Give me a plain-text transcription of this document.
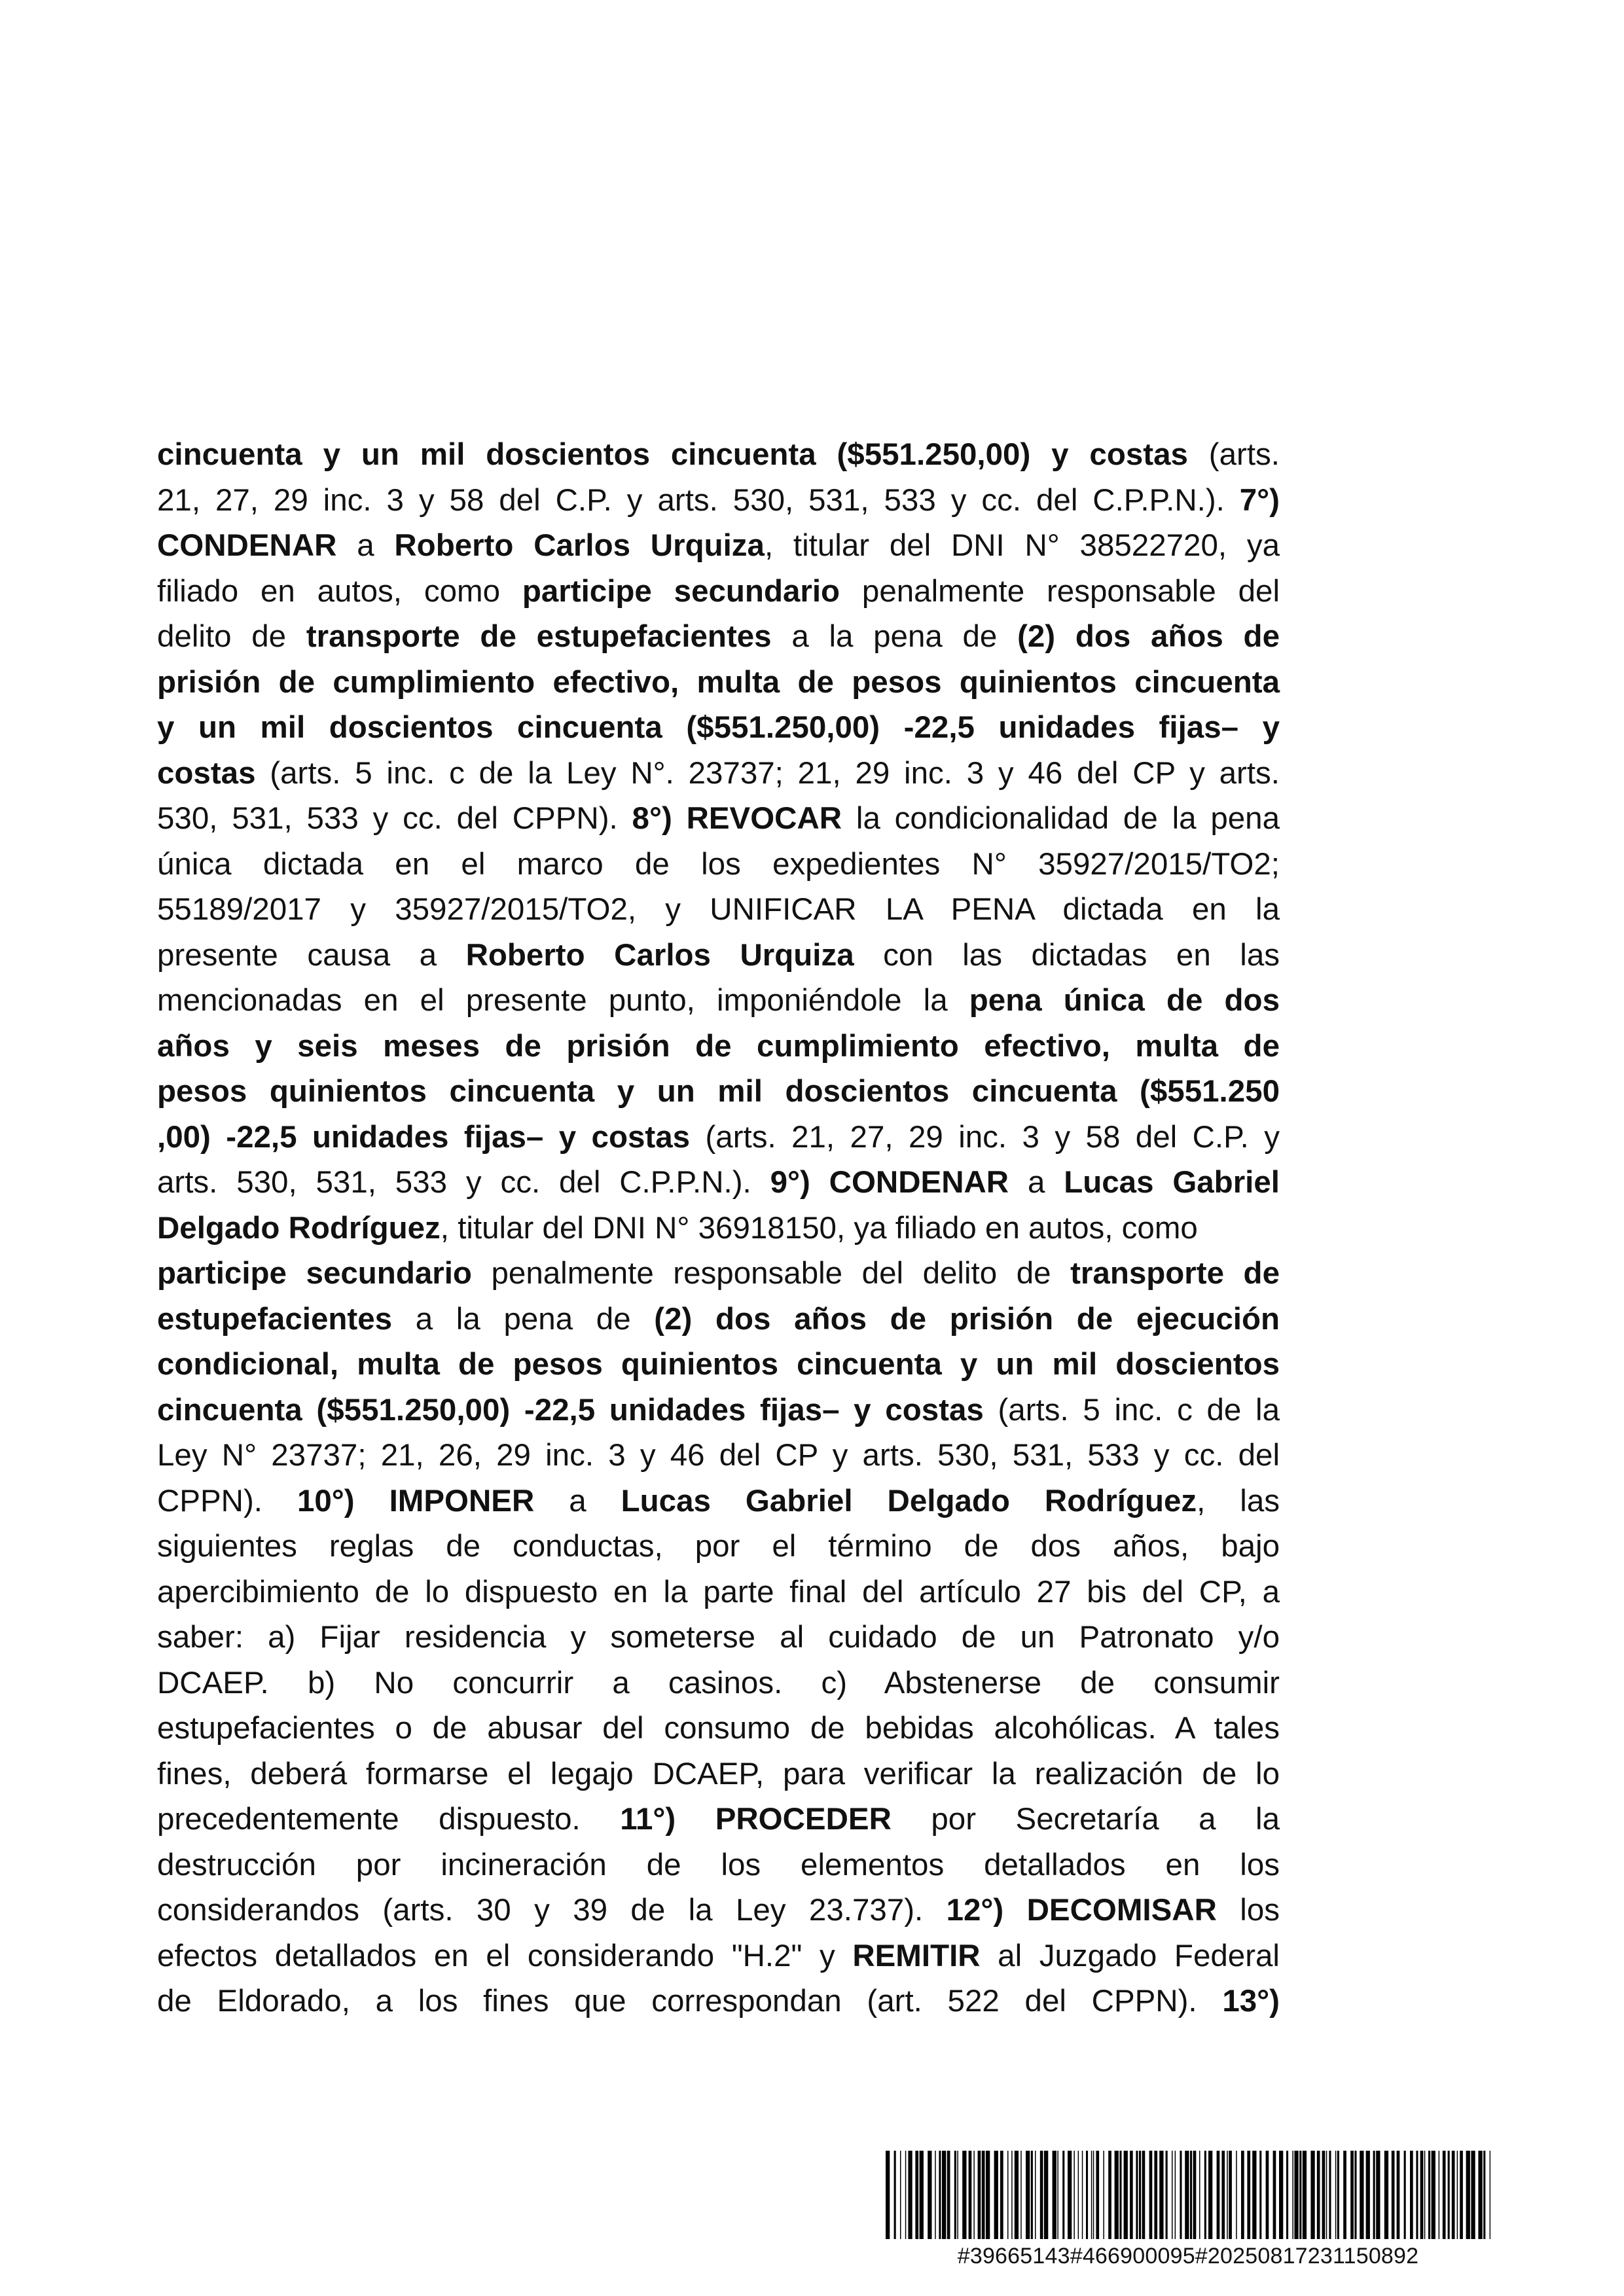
cincuenta y un mil doscientos cincuenta ($551.250,00) y costas (arts.
21, 27, 29 inc. 3 y 58 del C.P. y arts. 530, 531, 533 y cc. del C.P.P.N.). 7°)
CONDENAR a Roberto Carlos Urquiza, titular del DNI N° 38522720, ya
filiado en autos, como participe secundario penalmente responsable del
delito de transporte de estupefacientes a la pena de (2) dos años de
prisión de cumplimiento efectivo, multa de pesos quinientos cincuenta
y un mil doscientos cincuenta ($551.250,00) -22,5 unidades fijas– y
costas (arts. 5 inc. c de la Ley N°. 23737; 21, 29 inc. 3 y 46 del CP y arts.
530, 531, 533 y cc. del CPPN). 8°) REVOCAR la condicionalidad de la pena
única dictada en el marco de los expedientes N° 35927/2015/TO2;
55189/2017 y 35927/2015/TO2, y UNIFICAR LA PENA dictada en la
presente causa a Roberto Carlos Urquiza con las dictadas en las
mencionadas en el presente punto, imponiéndole la pena única de dos
años y seis meses de prisión de cumplimiento efectivo, multa de
pesos quinientos cincuenta y un mil doscientos cincuenta ($551.250
,00) -22,5 unidades fijas– y costas (arts. 21, 27, 29 inc. 3 y 58 del C.P. y
arts. 530, 531, 533 y cc. del C.P.P.N.). 9°) CONDENAR a Lucas Gabriel
Delgado Rodríguez, titular del DNI N° 36918150, ya filiado en autos, como
participe secundario penalmente responsable del delito de transporte de
estupefacientes a la pena de (2) dos años de prisión de ejecución
condicional, multa de pesos quinientos cincuenta y un mil doscientos
cincuenta ($551.250,00) -22,5 unidades fijas– y costas (arts. 5 inc. c de la
Ley N° 23737; 21, 26, 29 inc. 3 y 46 del CP y arts. 530, 531, 533 y cc. del
CPPN). 10°) IMPONER a Lucas Gabriel Delgado Rodríguez, las
siguientes reglas de conductas, por el término de dos años, bajo
apercibimiento de lo dispuesto en la parte final del artículo 27 bis del CP, a
saber: a) Fijar residencia y someterse al cuidado de un Patronato y/o
DCAEP. b) No concurrir a casinos. c) Abstenerse de consumir
estupefacientes o de abusar del consumo de bebidas alcohólicas. A tales
fines, deberá formarse el legajo DCAEP, para verificar la realización de lo
precedentemente dispuesto. 11°) PROCEDER por Secretaría a la
destrucción por incineración de los elementos detallados en los
considerandos (arts. 30 y 39 de la Ley 23.737). 12°) DECOMISAR los
efectos detallados en el considerando "H.2" y REMITIR al Juzgado Federal
de Eldorado, a los fines que correspondan (art. 522 del CPPN). 13°)
#39665143#466900095#20250817231150892
